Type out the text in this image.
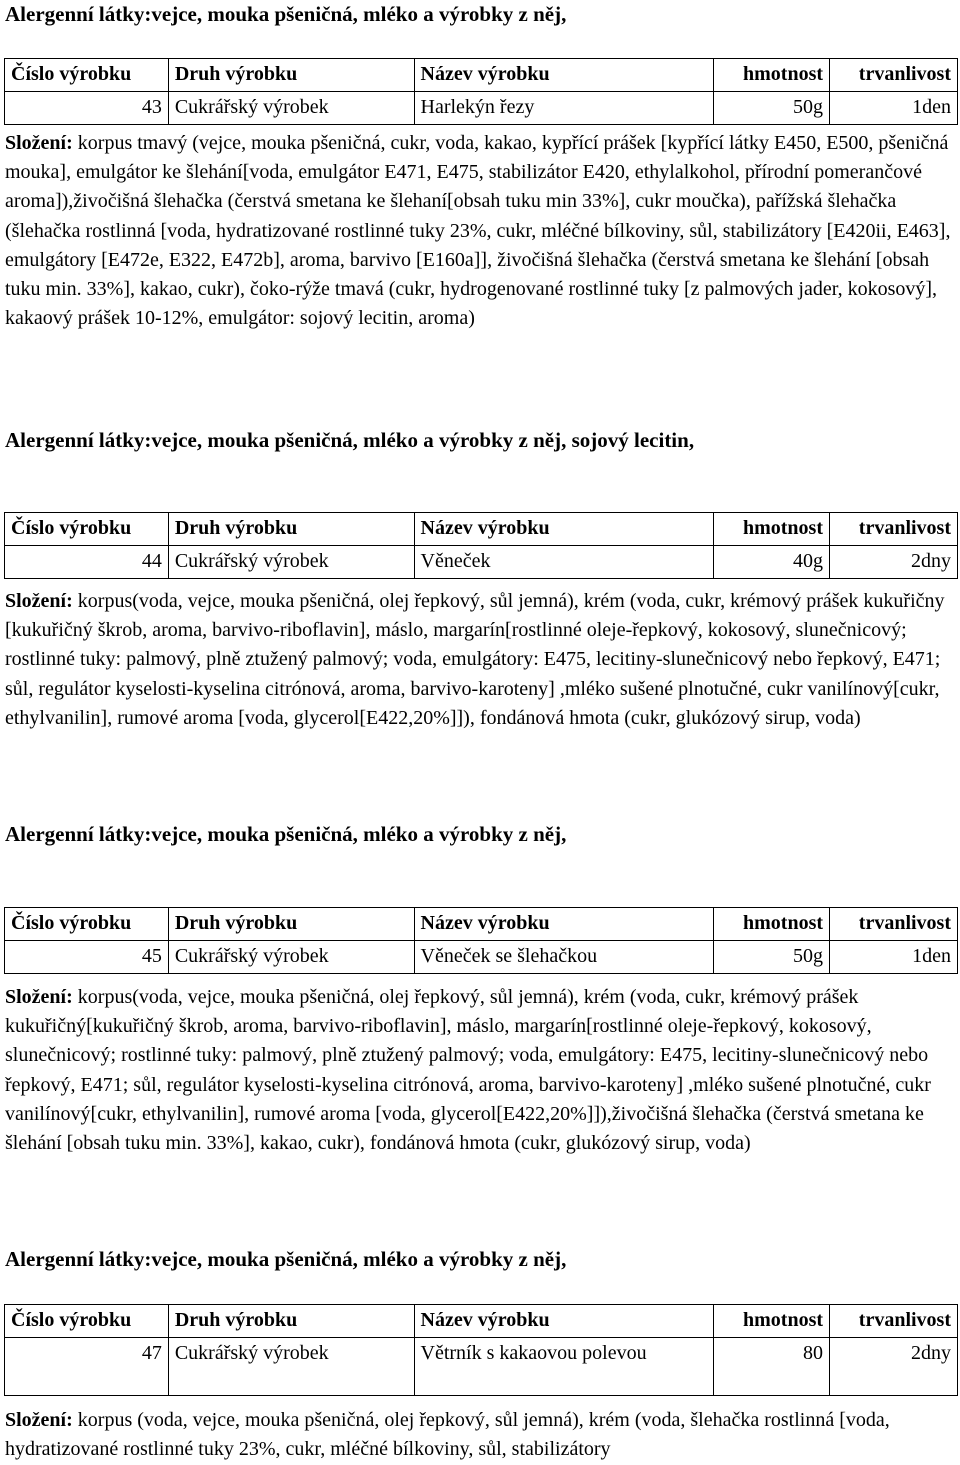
Alergenní látky:vejce, mouka pšeničná, mléko a výrobky z něj,
Číslo výrobku	Druh výrobku	Název výrobku	hmotnost	trvanlivost
43	Cukrářský výrobek	Harlekýn řezy	50g	1den
Složení: korpus tmavý (vejce, mouka pšeničná, cukr, voda, kakao, kypřící prášek [kypřící látky E450, E500, pšeničná mouka], emulgátor ke šlehání[voda, emulgátor E471, E475, stabilizátor E420, ethylalkohol, přírodní pomerančové aroma]),živočišná šlehačka (čerstvá smetana ke šlehaní[obsah tuku min 33%], cukr moučka), pařížská šlehačka (šlehačka rostlinná [voda, hydratizované rostlinné tuky 23%, cukr, mléčné bílkoviny, sůl, stabilizátory [E420ii, E463], emulgátory [E472e, E322, E472b], aroma, barvivo [E160a]], živočišná šlehačka (čerstvá smetana ke šlehání [obsah tuku min. 33%], kakao, cukr), čoko-rýže tmavá (cukr, hydrogenované rostlinné tuky [z palmových jader, kokosový], kakaový prášek 10-12%, emulgátor: sojový lecitin, aroma)
Alergenní látky:vejce, mouka pšeničná, mléko a výrobky z něj, sojový lecitin,
Číslo výrobku	Druh výrobku	Název výrobku	hmotnost	trvanlivost
44	Cukrářský výrobek	Věneček	40g	2dny
Složení: korpus(voda, vejce, mouka pšeničná, olej řepkový, sůl jemná), krém (voda, cukr, krémový prášek kukuřičny [kukuřičný škrob, aroma, barvivo-riboflavin], máslo, margarín[rostlinné oleje-řepkový, kokosový, slunečnicový; rostlinné tuky: palmový, plně ztužený palmový; voda, emulgátory: E475, lecitiny-slunečnicový nebo řepkový, E471; sůl, regulátor kyselosti-kyselina citrónová, aroma, barvivo-karoteny] ,mléko sušené plnotučné, cukr vanilínový[cukr, ethylvanilin], rumové aroma [voda, glycerol[E422,20%]]), fondánová hmota (cukr, glukózový sirup, voda)
Alergenní látky:vejce, mouka pšeničná, mléko a výrobky z něj,
Číslo výrobku	Druh výrobku	Název výrobku	hmotnost	trvanlivost
45	Cukrářský výrobek	Věneček se šlehačkou	50g	1den
Složení: korpus(voda, vejce, mouka pšeničná, olej řepkový, sůl jemná), krém (voda, cukr, krémový prášek kukuřičný[kukuřičný škrob, aroma, barvivo-riboflavin], máslo, margarín[rostlinné oleje-řepkový, kokosový, slunečnicový; rostlinné tuky: palmový, plně ztužený palmový; voda, emulgátory: E475, lecitiny-slunečnicový nebo řepkový, E471; sůl, regulátor kyselosti-kyselina citrónová, aroma, barvivo-karoteny] ,mléko sušené plnotučné, cukr vanilínový[cukr, ethylvanilin], rumové aroma [voda, glycerol[E422,20%]]),živočišná šlehačka (čerstvá smetana ke šlehání [obsah tuku min. 33%], kakao, cukr), fondánová hmota (cukr, glukózový sirup, voda)
Alergenní látky:vejce, mouka pšeničná, mléko a výrobky z něj,
Číslo výrobku	Druh výrobku	Název výrobku	hmotnost	trvanlivost
47	Cukrářský výrobek	Větrník s kakaovou polevou	80	2dny
Složení: korpus (voda, vejce, mouka pšeničná, olej řepkový, sůl jemná), krém (voda, šlehačka rostlinná [voda, hydratizované rostlinné tuky 23%, cukr, mléčné bílkoviny, sůl, stabilizátory
